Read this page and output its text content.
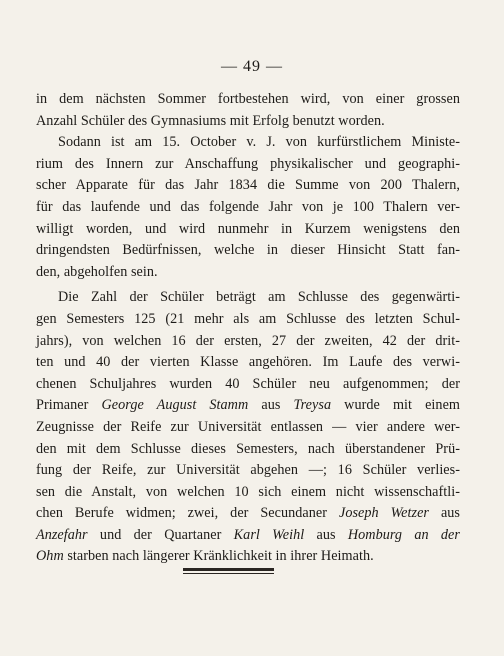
— 49 —
in dem nächsten Sommer fortbestehen wird, von einer grossen
Anzahl Schüler des Gymnasiums mit Erfolg benutzt worden.
Sodann ist am 15. October v. J. von kurfürstlichem Ministe-
rium des Innern zur Anschaffung physikalischer und geographi-
scher Apparate für das Jahr 1834 die Summe von 200 Thalern,
für das laufende und das folgende Jahr von je 100 Thalern ver-
willigt worden, und wird nunmehr in Kurzem wenigstens den
dringendsten Bedürfnissen, welche in dieser Hinsicht Statt fan-
den, abgeholfen sein.
Die Zahl der Schüler beträgt am Schlusse des gegenwärti-
gen Semesters 125 (21 mehr als am Schlusse des letzten Schul-
jahrs), von welchen 16 der ersten, 27 der zweiten, 42 der drit-
ten und 40 der vierten Klasse angehören. Im Laufe des verwi-
chenen Schuljahres wurden 40 Schüler neu aufgenommen; der
Primaner George August Stamm aus Treysa wurde mit einem
Zeugnisse der Reife zur Universität entlassen — vier andere wer-
den mit dem Schlusse dieses Semesters, nach überstandener Prü-
fung der Reife, zur Universität abgehen —; 16 Schüler verlies-
sen die Anstalt, von welchen 10 sich einem nicht wissenschaftli-
chen Berufe widmen; zwei, der Secundaner Joseph Wetzer aus
Anzefahr und der Quartaner Karl Weihl aus Homburg an der
Ohm starben nach längerer Kränklichkeit in ihrer Heimath.
